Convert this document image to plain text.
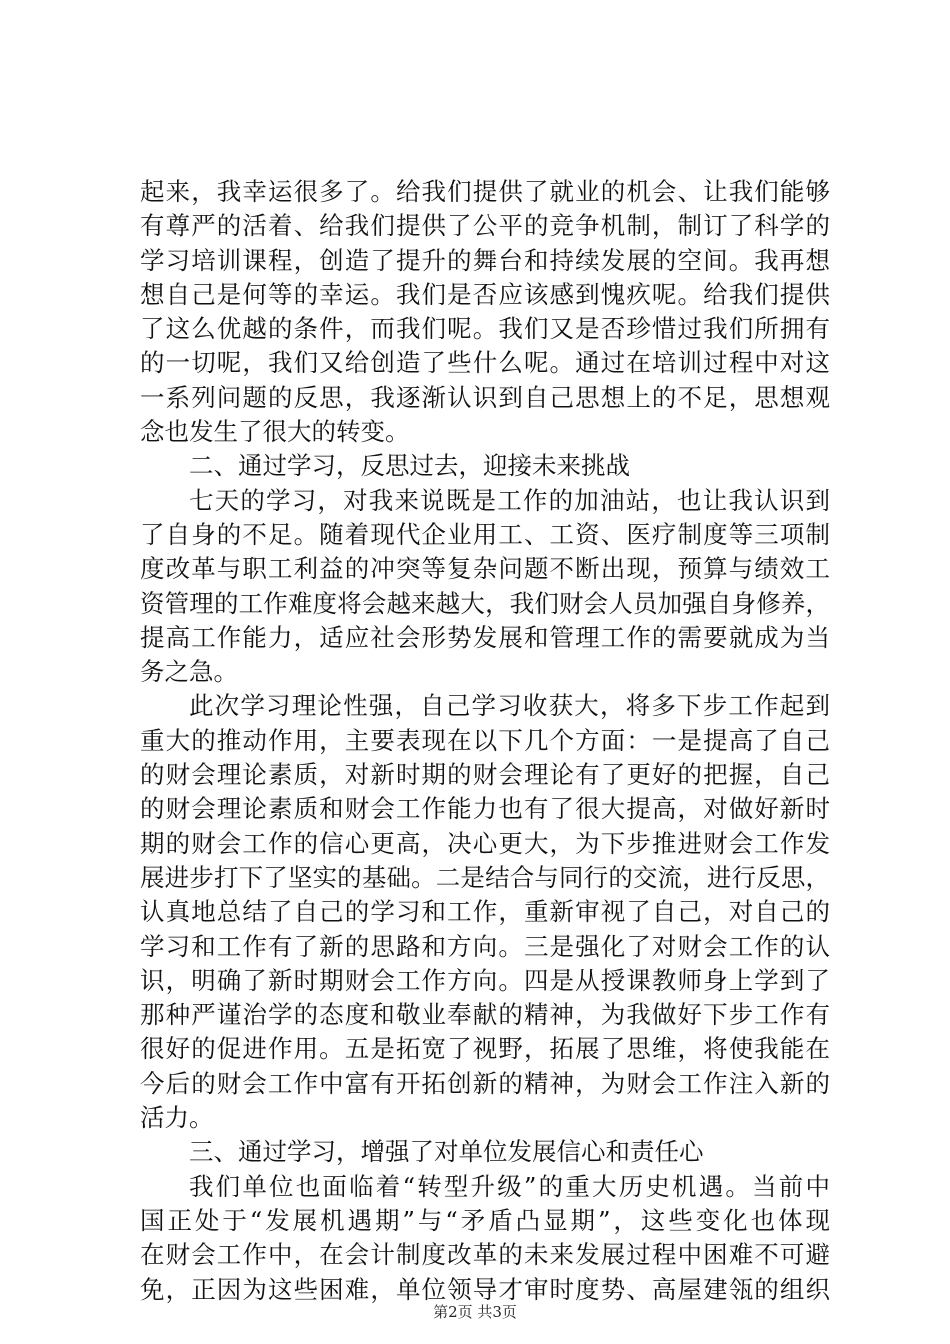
起来，我幸运很多了。给我们提供了就业的机会、让我们能够
有尊严的活着、给我们提供了公平的竞争机制，制订了科学的
学习培训课程，创造了提升的舞台和持续发展的空间。我再想
想自己是何等的幸运。我们是否应该感到愧疚呢。给我们提供
了这么优越的条件，而我们呢。我们又是否珍惜过我们所拥有
的一切呢，我们又给创造了些什么呢。通过在培训过程中对这
一系列问题的反思，我逐渐认识到自己思想上的不足，思想观
念也发生了很大的转变。
二、通过学习，反思过去，迎接未来挑战
七天的学习，对我来说既是工作的加油站，也让我认识到
了自身的不足。随着现代企业用工、工资、医疗制度等三项制
度改革与职工利益的冲突等复杂问题不断出现，预算与绩效工
资管理的工作难度将会越来越大，我们财会人员加强自身修养，
提高工作能力，适应社会形势发展和管理工作的需要就成为当
务之急。
此次学习理论性强，自己学习收获大，将多下步工作起到
重大的推动作用，主要表现在以下几个方面：一是提高了自己
的财会理论素质，对新时期的财会理论有了更好的把握，自己
的财会理论素质和财会工作能力也有了很大提高，对做好新时
期的财会工作的信心更高，决心更大，为下步推进财会工作发
展进步打下了坚实的基础。二是结合与同行的交流，进行反思，
认真地总结了自己的学习和工作，重新审视了自己，对自己的
学习和工作有了新的思路和方向。三是强化了对财会工作的认
识，明确了新时期财会工作方向。四是从授课教师身上学到了
那种严谨治学的态度和敬业奉献的精神，为我做好下步工作有
很好的促进作用。五是拓宽了视野，拓展了思维，将使我能在
今后的财会工作中富有开拓创新的精神，为财会工作注入新的
活力。
三、通过学习，增强了对单位发展信心和责任心
我们单位也面临着“转型升级”的重大历史机遇。当前中
国正处于“发展机遇期”与“矛盾凸显期”，这些变化也体现
在财会工作中，在会计制度改革的未来发展过程中困难不可避
免，正因为这些困难，单位领导才审时度势、高屋建瓴的组织
第2页 共3页
